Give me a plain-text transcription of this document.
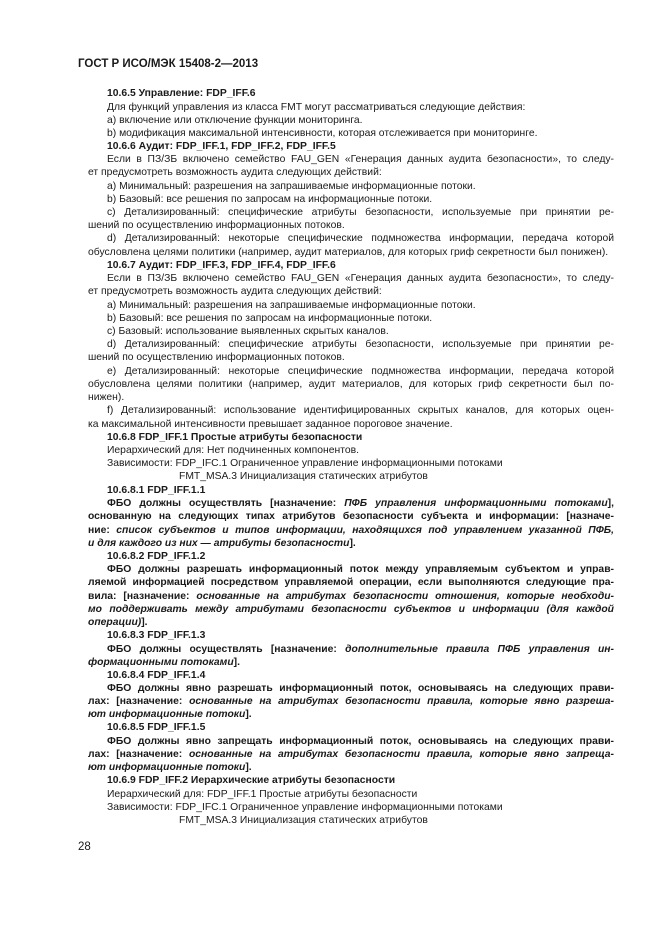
ГОСТ Р ИСО/МЭК 15408-2—2013
10.6.5 Управление: FDP_IFF.6
Для функций управления из класса FMT могут рассматриваться следующие действия:
a) включение или отключение функции мониторинга.
b) модификация максимальной интенсивности, которая отслеживается при мониторинге.
10.6.6 Аудит: FDP_IFF.1, FDP_IFF.2, FDP_IFF.5
Если в ПЗ/ЗБ включено семейство FAU_GEN «Генерация данных аудита безопасности», то следу-
ет предусмотреть возможность аудита следующих действий:
a) Минимальный: разрешения на запрашиваемые информационные потоки.
b) Базовый: все решения по запросам на информационные потоки.
c) Детализированный: специфические атрибуты безопасности, используемые при принятии ре-
шений по осуществлению информационных потоков.
d) Детализированный: некоторые специфические подмножества информации, передача которой
обусловлена целями политики (например, аудит материалов, для которых гриф секретности был понижен).
10.6.7 Аудит: FDP_IFF.3, FDP_IFF.4, FDP_IFF.6
Если в ПЗ/ЗБ включено семейство FAU_GEN «Генерация данных аудита безопасности», то следу-
ет предусмотреть возможность аудита следующих действий:
a) Минимальный: разрешения на запрашиваемые информационные потоки.
b) Базовый: все решения по запросам на информационные потоки.
c) Базовый: использование выявленных скрытых каналов.
d) Детализированный: специфические атрибуты безопасности, используемые при принятии ре-
шений по осуществлению информационных потоков.
e) Детализированный: некоторые специфические подмножества информации, передача которой
обусловлена целями политики (например, аудит материалов, для которых гриф секретности был по-
нижен).
f) Детализированный: использование идентифицированных скрытых каналов, для которых оцен-
ка максимальной интенсивности превышает заданное пороговое значение.
10.6.8 FDP_IFF.1 Простые атрибуты безопасности
Иерархический для: Нет подчиненных компонентов.
Зависимости: FDP_IFC.1 Ограниченное управление информационными потоками
FMT_MSA.3 Инициализация статических атрибутов
10.6.8.1 FDP_IFF.1.1
ФБО должны осуществлять [назначение: ПФБ управления информационными потоками],
основанную на следующих типах атрибутов безопасности субъекта и информации: [назначе-
ние: список субъектов и типов информации, находящихся под управлением указанной ПФБ,
и для каждого из них — атрибуты безопасности].
10.6.8.2 FDP_IFF.1.2
ФБО должны разрешать информационный поток между управляемым субъектом и управ-
ляемой информацией посредством управляемой операции, если выполняются следующие пра-
вила: [назначение: основанные на атрибутах безопасности отношения, которые необходи-
мо поддерживать между атрибутами безопасности субъектов и информации (для каждой
операции)].
10.6.8.3 FDP_IFF.1.3
ФБО должны осуществлять [назначение: дополнительные правила ПФБ управления ин-
формационными потоками].
10.6.8.4 FDP_IFF.1.4
ФБО должны явно разрешать информационный поток, основываясь на следующих прави-
лах: [назначение: основанные на атрибутах безопасности правила, которые явно разреша-
ют информационные потоки].
10.6.8.5 FDP_IFF.1.5
ФБО должны явно запрещать информационный поток, основываясь на следующих прави-
лах: [назначение: основанные на атрибутах безопасности правила, которые явно запреща-
ют информационные потоки].
10.6.9 FDP_IFF.2 Иерархические атрибуты безопасности
Иерархический для: FDP_IFF.1 Простые атрибуты безопасности
Зависимости: FDP_IFC.1 Ограниченное управление информационными потоками
FMT_MSA.3 Инициализация статических атрибутов
28
